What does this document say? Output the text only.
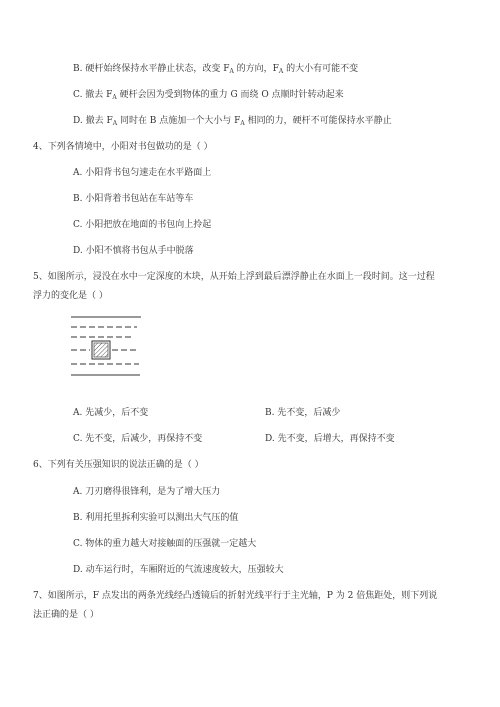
B. 硬杆始终保持水平静止状态，改变 $F_A$ 的方向，$F_A$ 的大小有可能不变
C. 撤去 $F_A$ 硬杆会因为受到物体的重力 G 而绕 O 点顺时针转动起来
D. 撤去 $F_A$ 同时在 B 点施加一个大小与 $F_A$ 相同的力，硬杆不可能保持水平静止
4、下列各情境中，小阳对书包做功的是（ ）
A. 小阳背书包匀速走在水平路面上
B. 小阳背着书包站在车站等车
C. 小阳把放在地面的书包向上拎起
D. 小阳不慎将书包从手中脱落
5、如图所示，浸没在水中一定深度的木块，从开始上浮到最后漂浮静止在水面上一段时间。这一过程
浮力的变化是（ ）
A. 先减少，后不变	B. 先不变，后减少
C. 先不变，后减少，再保持不变	D. 先不变，后增大，再保持不变
6、下列有关压强知识的说法正确的是（ ）
A. 刀刃磨得很锋利，是为了增大压力
B. 利用托里拆利实验可以测出大气压的值
C. 物体的重力越大对接触面的压强就一定越大
D. 动车运行时，车厢附近的气流速度较大，压强较大
7、如图所示，F 点发出的两条光线经凸透镜后的折射光线平行于主光轴，P 为 2 倍焦距处，则下列说
法正确的是（ ）
